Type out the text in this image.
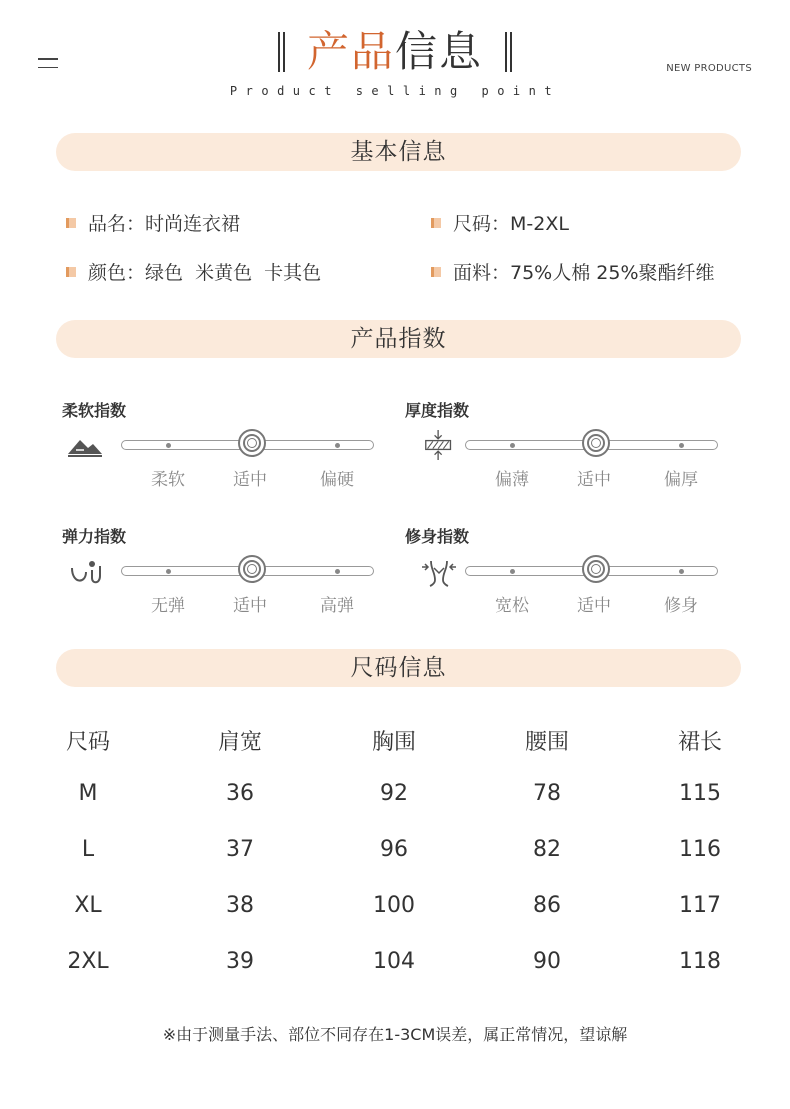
产品 信息
Product selling point
NEW PRODUCTS
基本信息
品名：时尚连衣裙	尺码：M-2XL
颜色：绿色  米黄色  卡其色	面料：75%人棉 25%聚酯纤维
产品指数
柔软指数
柔软	适中	偏硬
厚度指数
偏薄	适中	偏厚
弹力指数
无弹	适中	高弹
修身指数
宽松	适中	修身
尺码信息
尺码	肩宽	胸围	腰围	裙长
M	36	92	78	115
L	37	96	82	116
XL	38	100	86	117
2XL	39	104	90	118
※由于测量手法、部位不同存在1-3CM误差，属正常情况，望谅解
